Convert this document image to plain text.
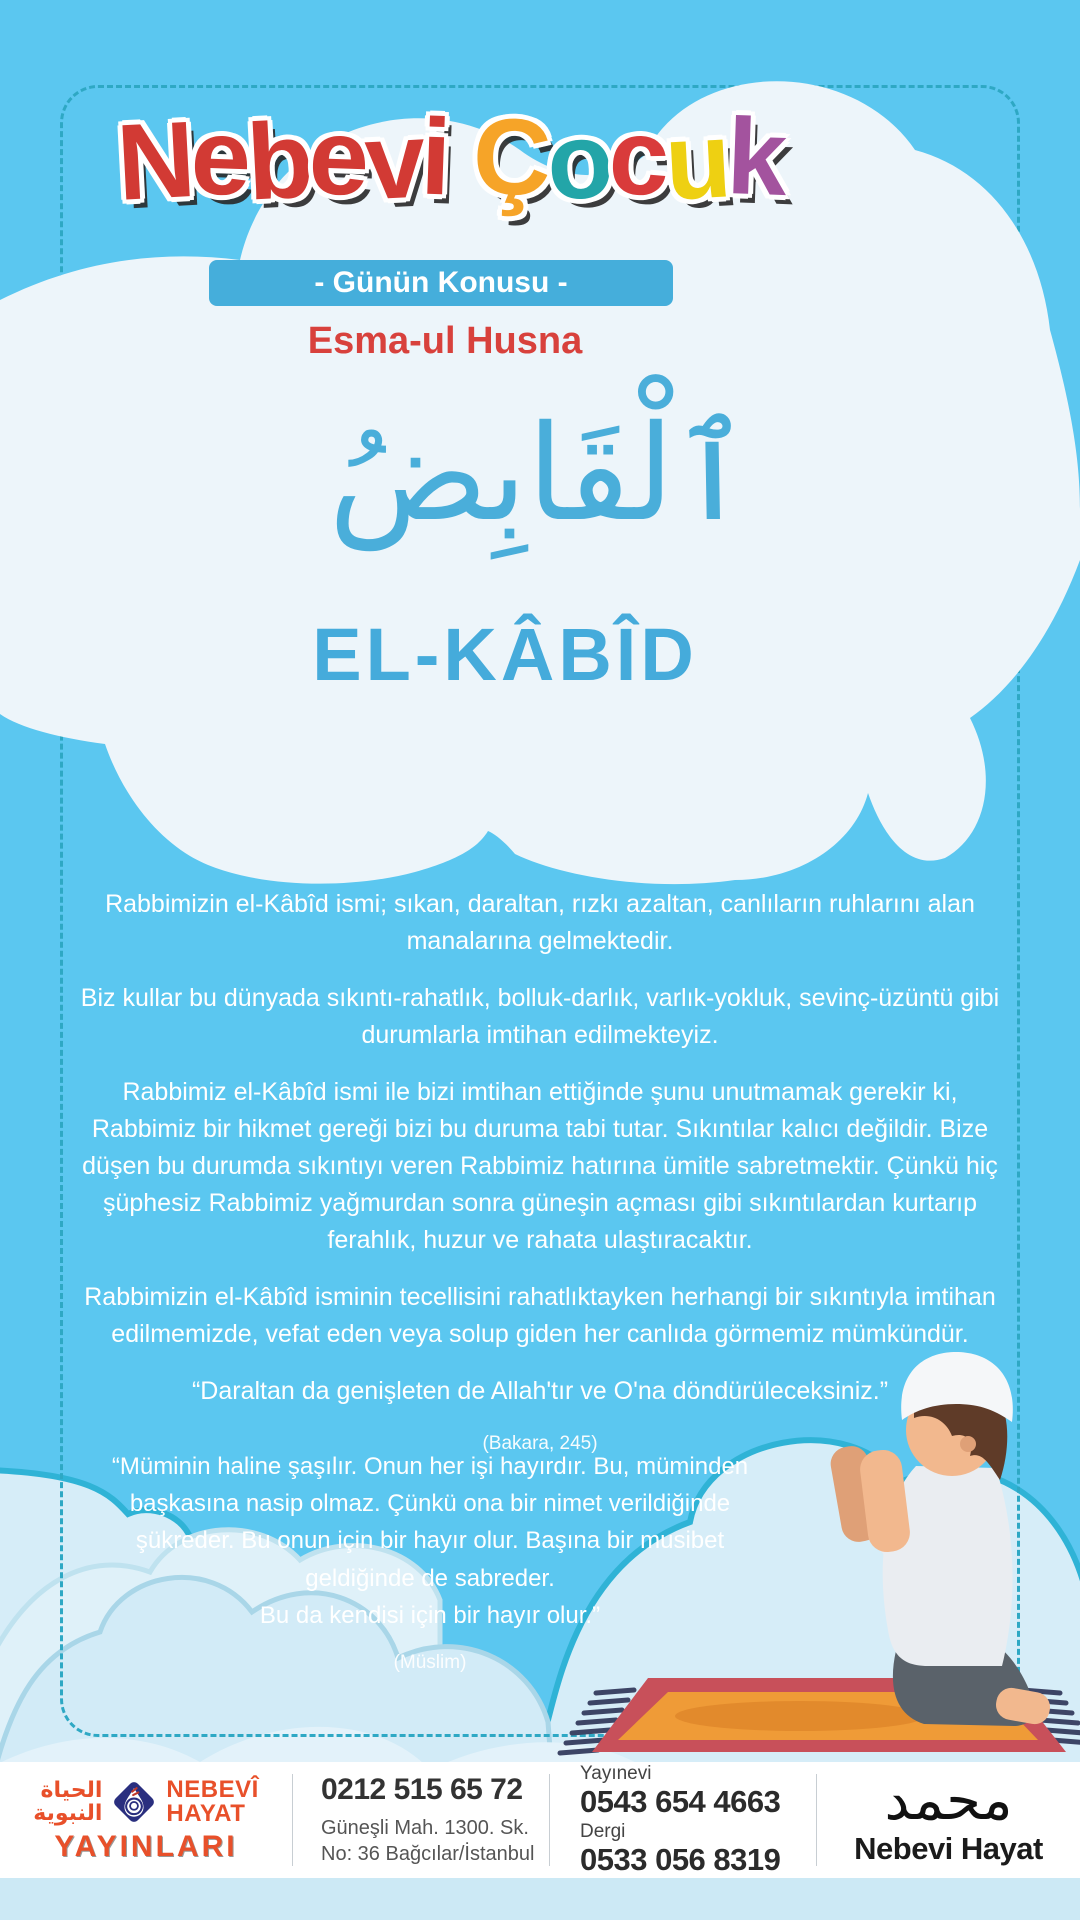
Nebevi Çocuk
- Günün Konusu -
Esma-ul Husna
ٱلْقَابِضُ
EL-KÂBÎD

Rabbimizin el-Kâbîd ismi; sıkan, daraltan, rızkı azaltan, canlıların ruhlarını alan manalarına gelmektedir.

Biz kullar bu dünyada sıkıntı-rahatlık, bolluk-darlık, varlık-yokluk, sevinç-üzüntü gibi durumlarla imtihan edilmekteyiz.

Rabbimiz el-Kâbîd ismi ile bizi imtihan ettiğinde şunu unutmamak gerekir ki, Rabbimiz bir hikmet gereği bizi bu duruma tabi tutar. Sıkıntılar kalıcı değildir. Bize düşen bu durumda sıkıntıyı veren Rabbimiz hatırına ümitle sabretmektir. Çünkü hiç şüphesiz Rabbimiz yağmurdan sonra güneşin açması gibi sıkıntılardan kurtarıp ferahlık, huzur ve rahata ulaştıracaktır.

Rabbimizin el-Kâbîd isminin tecellisini rahatlıktayken herhangi bir sıkıntıyla imtihan edilmemizde, vefat eden veya solup giden her canlıda görmemiz mümkündür.

“Daraltan da genişleten de Allah'tır ve O'na döndürüleceksiniz.”

(Bakara, 245)
“Müminin haline şaşılır. Onun her işi hayırdır. Bu, müminden başkasına nasip olmaz. Çünkü ona bir nimet verildiğinde şükreder. Bu onun için bir hayır olur. Başına bir musibet geldiğinde de sabreder.
Bu da kendisi için bir hayır olur.”
(Müslim)
الحياة
النبوية
NEBEVÎ
HAYAT
YAYINLARI
0212 515 65 72
Güneşli Mah. 1300. Sk.
No: 36 Bağcılar/İstanbul
Yayınevi
0543 654 4663
Dergi
0533 056 8319
محمد
Nebevi Hayat
